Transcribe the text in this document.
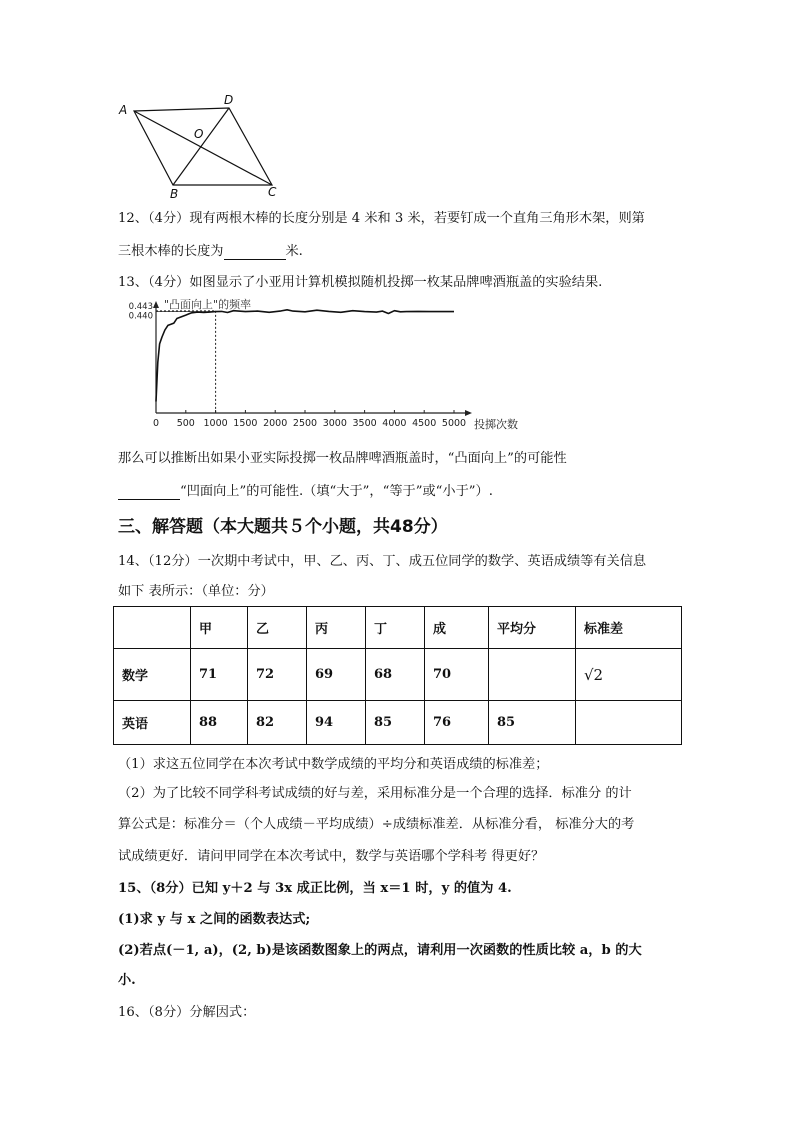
A
D
O
B	C
12、（4分）现有两根木棒的长度分别是 4 米和 3 米，若要钉成一个直角三角形木架，则第
三根木棒的长度为	米.
13、（4分）如图显示了小亚用计算机模拟随机投掷一枚某品牌啤酒瓶盖的实验结果.
"凸面向上"的频率
0 500 1000 1500 2000 2500 3000 3500 4000 4500 5000 投掷次数
0.443
0.440
那么可以推断出如果小亚实际投掷一枚品牌啤酒瓶盖时，“凸面向上”的可能性
“凹面向上”的可能性.（填“大于”，“等于”或“小于”）.
三、解答题（本大题共５个小题，共48分）
14、（12分）一次期中考试中，甲、乙、丙、丁、成五位同学的数学、英语成绩等有关信息
如下 表所示：（单位：分）
	甲	乙	丙	丁	成	平均分	标准差
数学	71	72	69	68	70		√2
英语	88	82	94	85	76	85	
（1）求这五位同学在本次考试中数学成绩的平均分和英语成绩的标准差；
（2）为了比较不同学科考试成绩的好与差，采用标准分是一个合理的选择．标准分 的计
算公式是：标准分＝（个人成绩－平均成绩）÷成绩标准差．从标准分看， 标准分大的考
试成绩更好．请问甲同学在本次考试中，数学与英语哪个学科考 得更好？
15、（8分）已知 y＋2 与 3x 成正比例，当 x＝1 时，y 的值为 4.
(1)求 y 与 x 之间的函数表达式;
(2)若点(－1, a)，(2, b)是该函数图象上的两点，请利用一次函数的性质比较 a，b 的大
小.
16、（8分）分解因式：
